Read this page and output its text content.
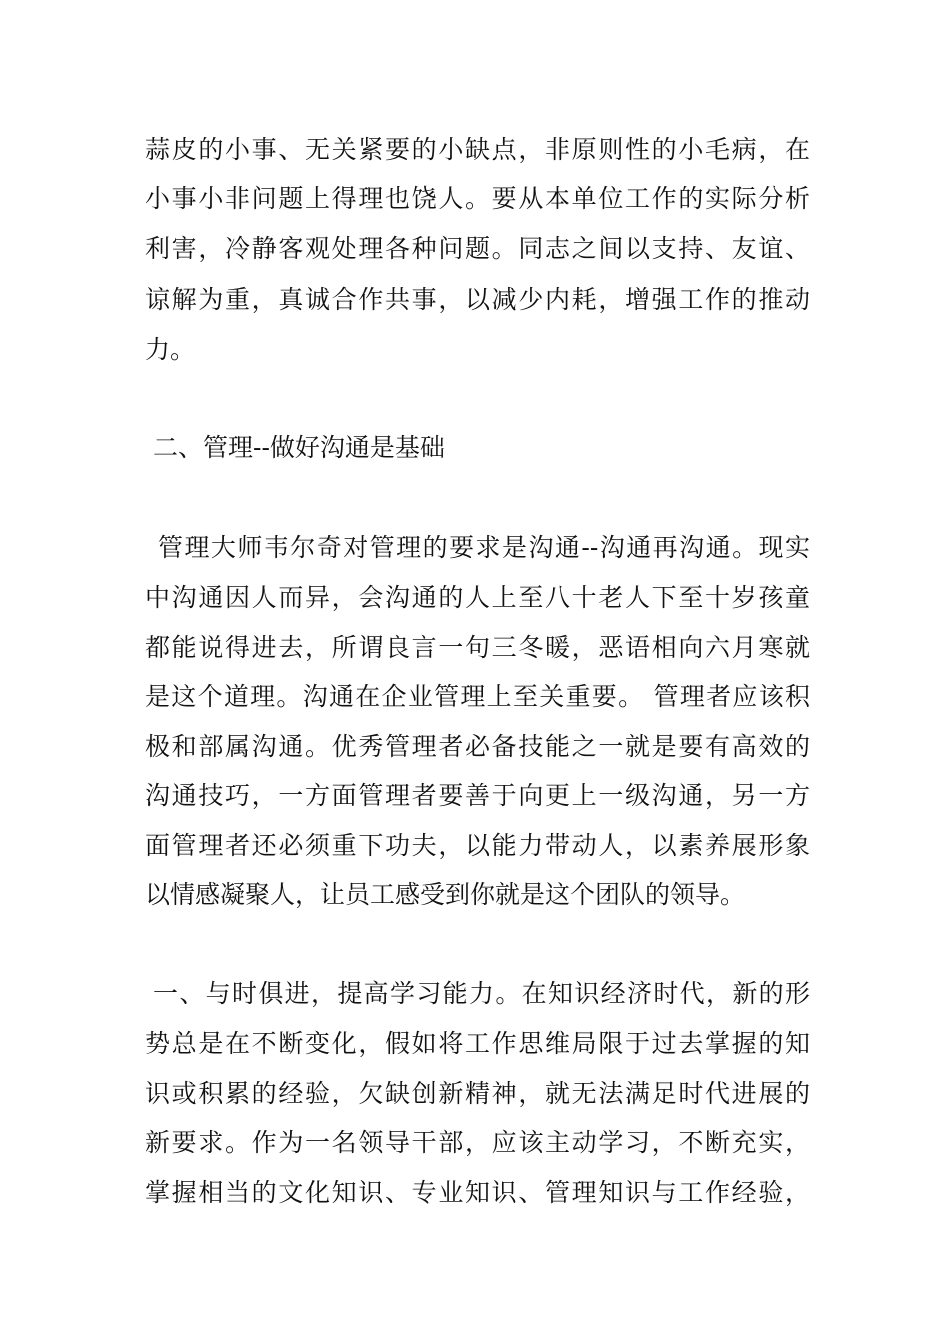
蒜皮的小事、无关紧要的小缺点，非原则性的小毛病，在

小事小非问题上得理也饶人。要从本单位工作的实际分析

利害，冷静客观处理各种问题。同志之间以支持、友谊、

谅解为重，真诚合作共事，以减少内耗，增强工作的推动

力。

二、管理--做好沟通是基础

管理大师韦尔奇对管理的要求是沟通--沟通再沟通。现实

中沟通因人而异，会沟通的人上至八十老人下至十岁孩童

都能说得进去，所谓良言一句三冬暖，恶语相向六月寒就

是这个道理。沟通在企业管理上至关重要。 管理者应该积

极和部属沟通。优秀管理者必备技能之一就是要有高效的

沟通技巧，一方面管理者要善于向更上一级沟通，另一方

面管理者还必须重下功夫，以能力带动人，以素养展形象

以情感凝聚人，让员工感受到你就是这个团队的领导。

一、与时俱进，提高学习能力。在知识经济时代，新的形

势总是在不断变化，假如将工作思维局限于过去掌握的知

识或积累的经验，欠缺创新精神，就无法满足时代进展的

新要求。作为一名领导干部，应该主动学习，不断充实，

掌握相当的文化知识、专业知识、管理知识与工作经验，
